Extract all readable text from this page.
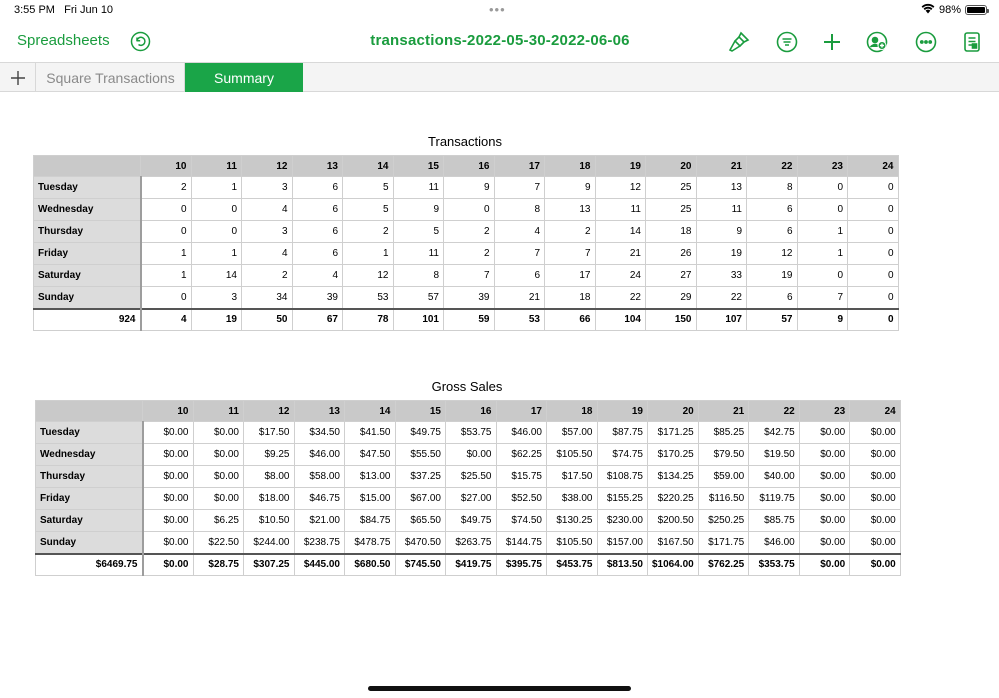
3:55 PM Fri Jun 10	•••	98%
Spreadsheets	transactions-2022-05-30-2022-06-06
Square Transactions	Summary
Transactions
	10	11	12	13	14	15	16	17	18	19	20	21	22	23	24
Tuesday	2	1	3	6	5	11	9	7	9	12	25	13	8	0	0
Wednesday	0	0	4	6	5	9	0	8	13	11	25	11	6	0	0
Thursday	0	0	3	6	2	5	2	4	2	14	18	9	6	1	0
Friday	1	1	4	6	1	11	2	7	7	21	26	19	12	1	0
Saturday	1	14	2	4	12	8	7	6	17	24	27	33	19	0	0
Sunday	0	3	34	39	53	57	39	21	18	22	29	22	6	7	0
924	4	19	50	67	78	101	59	53	66	104	150	107	57	9	0
Gross Sales
	10	11	12	13	14	15	16	17	18	19	20	21	22	23	24
Tuesday	$0.00	$0.00	$17.50	$34.50	$41.50	$49.75	$53.75	$46.00	$57.00	$87.75	$171.25	$85.25	$42.75	$0.00	$0.00
Wednesday	$0.00	$0.00	$9.25	$46.00	$47.50	$55.50	$0.00	$62.25	$105.50	$74.75	$170.25	$79.50	$19.50	$0.00	$0.00
Thursday	$0.00	$0.00	$8.00	$58.00	$13.00	$37.25	$25.50	$15.75	$17.50	$108.75	$134.25	$59.00	$40.00	$0.00	$0.00
Friday	$0.00	$0.00	$18.00	$46.75	$15.00	$67.00	$27.00	$52.50	$38.00	$155.25	$220.25	$116.50	$119.75	$0.00	$0.00
Saturday	$0.00	$6.25	$10.50	$21.00	$84.75	$65.50	$49.75	$74.50	$130.25	$230.00	$200.50	$250.25	$85.75	$0.00	$0.00
Sunday	$0.00	$22.50	$244.00	$238.75	$478.75	$470.50	$263.75	$144.75	$105.50	$157.00	$167.50	$171.75	$46.00	$0.00	$0.00
$6469.75	$0.00	$28.75	$307.25	$445.00	$680.50	$745.50	$419.75	$395.75	$453.75	$813.50	$1064.00	$762.25	$353.75	$0.00	$0.00
